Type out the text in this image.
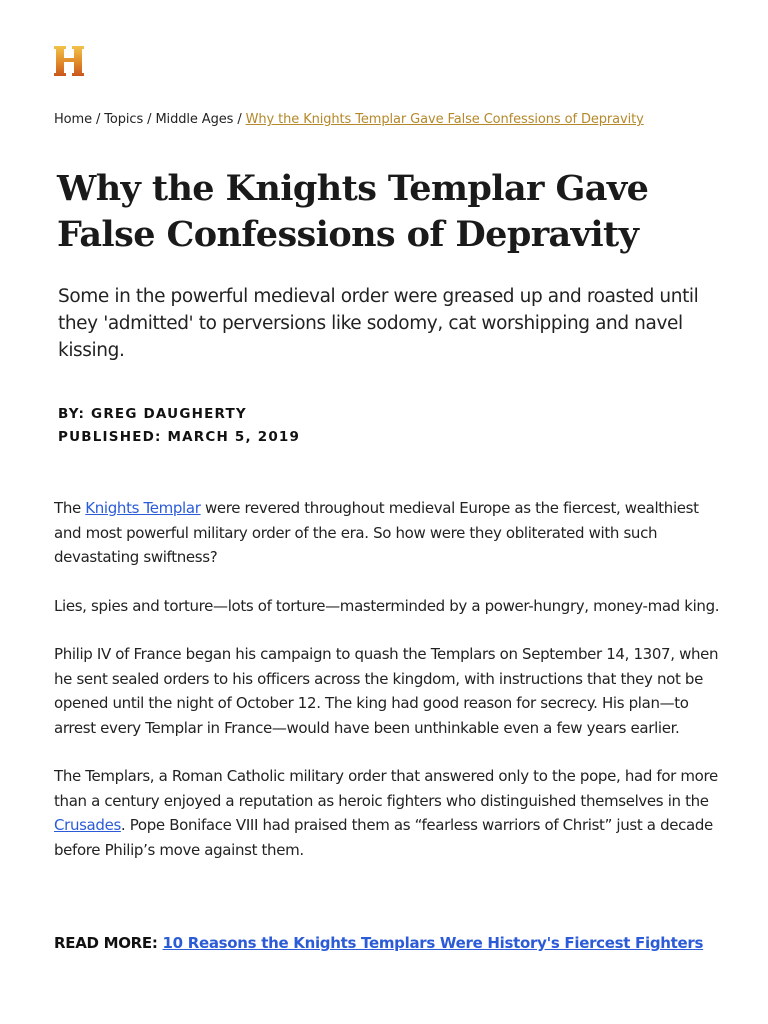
Home / Topics / Middle Ages / Why the Knights Templar Gave False Confessions of Depravity
Why the Knights Templar Gave False Confessions of Depravity

Some in the powerful medieval order were greased up and roasted until they 'admitted' to perversions like sodomy, cat worshipping and navel kissing.

BY: GREG DAUGHERTY
PUBLISHED: MARCH 5, 2019

The Knights Templar were revered throughout medieval Europe as the fiercest, wealthiest and most powerful military order of the era. So how were they obliterated with such devastating swiftness?

Lies, spies and torture—lots of torture—masterminded by a power-hungry, money-mad king.

Philip IV of France began his campaign to quash the Templars on September 14, 1307, when he sent sealed orders to his officers across the kingdom, with instructions that they not be opened until the night of October 12. The king had good reason for secrecy. His plan—to arrest every Templar in France—would have been unthinkable even a few years earlier.

The Templars, a Roman Catholic military order that answered only to the pope, had for more than a century enjoyed a reputation as heroic fighters who distinguished themselves in the Crusades. Pope Boniface VIII had praised them as “fearless warriors of Christ” just a decade before Philip’s move against them.

READ MORE: 10 Reasons the Knights Templars Were History's Fiercest Fighters
